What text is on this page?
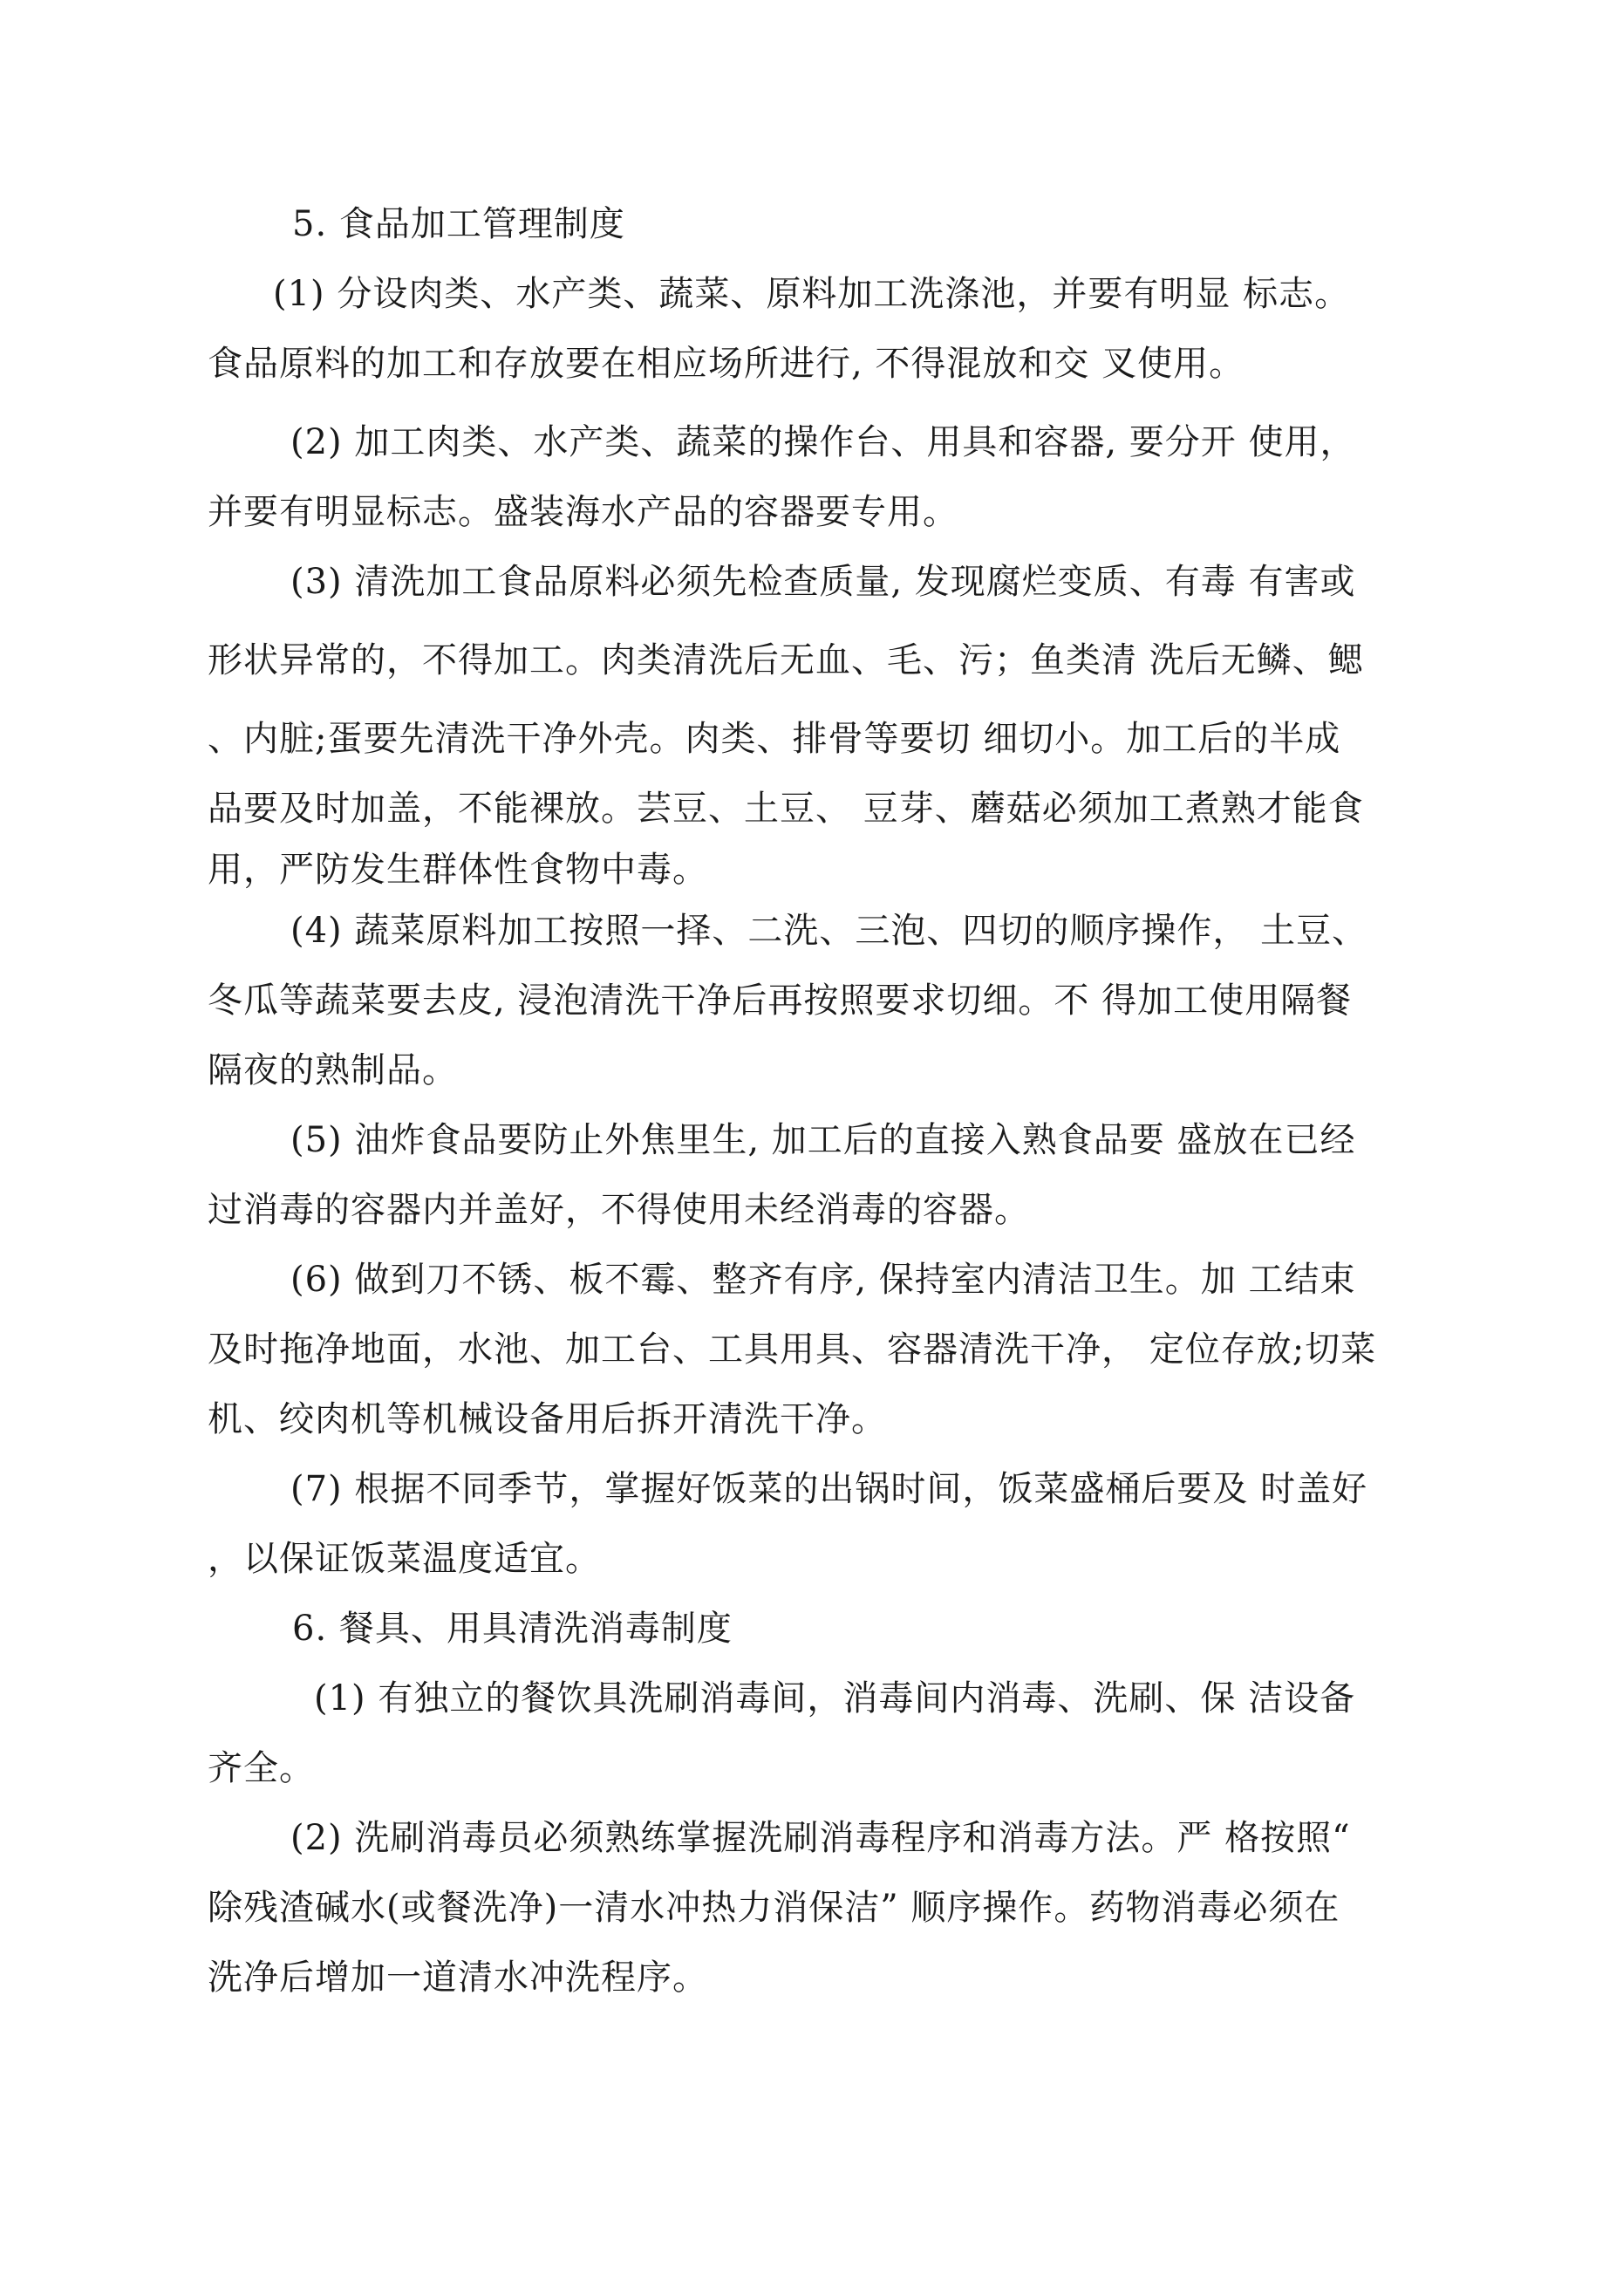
5. 食品加工管理制度
(1) 分设肉类、水产类、蔬菜、原料加工洗涤池，并要有明显 标志。
食品原料的加工和存放要在相应场所进行, 不得混放和交 叉使用。
(2) 加工肉类、水产类、蔬菜的操作台、用具和容器, 要分开 使用，
并要有明显标志。盛装海水产品的容器要专用。
(3) 清洗加工食品原料必须先检查质量, 发现腐烂变质、有毒 有害或
形状异常的，不得加工。肉类清洗后无血、毛、污；鱼类清 洗后无鳞、鳃
、内脏;蛋要先清洗干净外壳。肉类、排骨等要切 细切小。加工后的半成
品要及时加盖，不能裸放。芸豆、土豆、 豆芽、蘑菇必须加工煮熟才能食
用，严防发生群体性食物中毒。
(4) 蔬菜原料加工按照一择、二洗、三泡、四切的顺序操作， 土豆、
冬瓜等蔬菜要去皮, 浸泡清洗干净后再按照要求切细。不 得加工使用隔餐
隔夜的熟制品。
(5) 油炸食品要防止外焦里生, 加工后的直接入熟食品要 盛放在已经
过消毒的容器内并盖好，不得使用未经消毒的容器。
(6) 做到刀不锈、板不霉、整齐有序, 保持室内清洁卫生。加 工结束
及时拖净地面，水池、加工台、工具用具、容器清洗干净， 定位存放;切菜
机、绞肉机等机械设备用后拆开清洗干净。
(7) 根据不同季节，掌握好饭菜的出锅时间，饭菜盛桶后要及 时盖好
，以保证饭菜温度适宜。
6. 餐具、用具清洗消毒制度
(1) 有独立的餐饮具洗刷消毒间，消毒间内消毒、洗刷、保 洁设备
齐全。
(2) 洗刷消毒员必须熟练掌握洗刷消毒程序和消毒方法。严 格按照“
除残渣碱水(或餐洗净)一清水冲热力消保洁” 顺序操作。药物消毒必须在
洗净后增加一道清水冲洗程序。
